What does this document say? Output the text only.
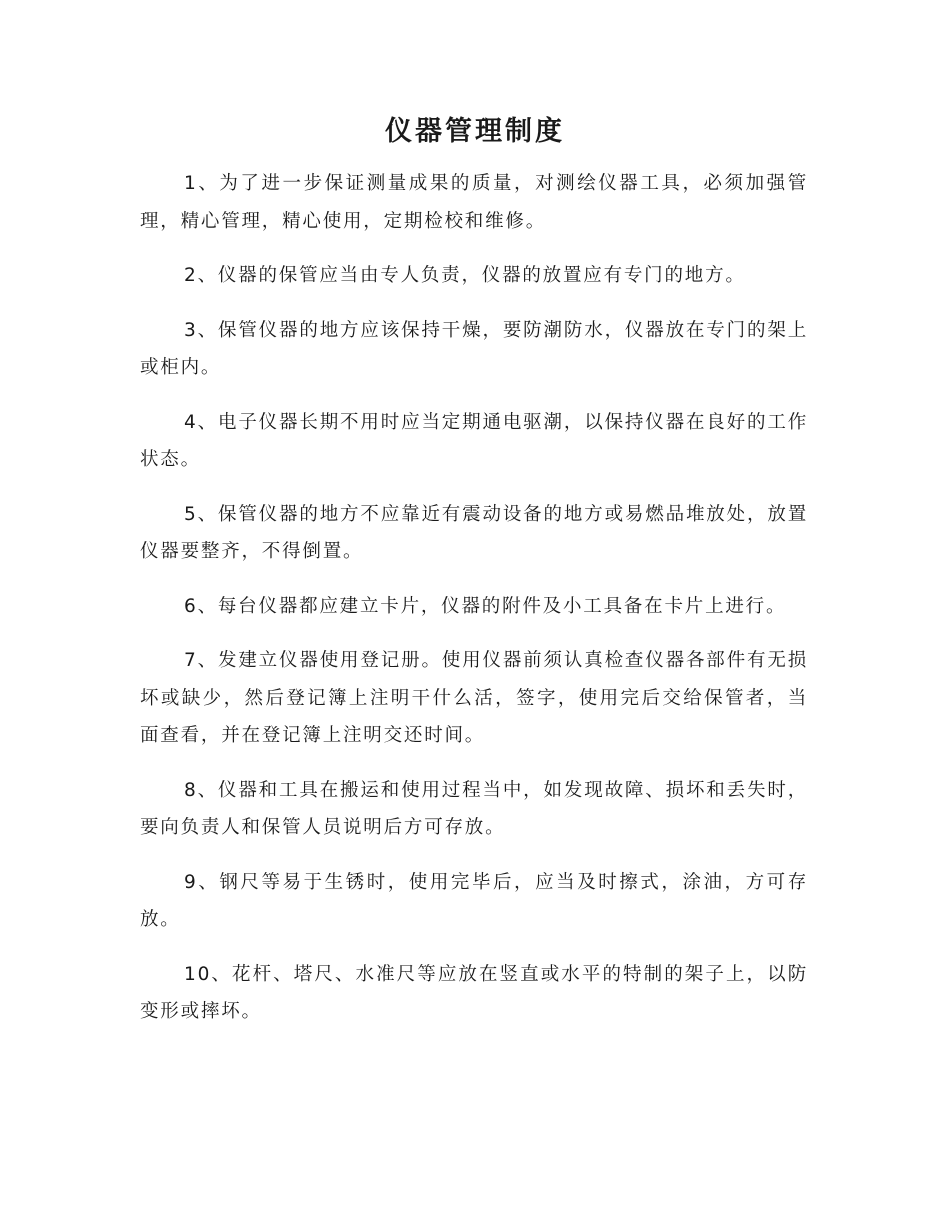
仪器管理制度

1、为了进一步保证测量成果的质量，对测绘仪器工具，必须加强管理，精心管理，精心使用，定期检校和维修。

2、仪器的保管应当由专人负责，仪器的放置应有专门的地方。

3、保管仪器的地方应该保持干燥，要防潮防水，仪器放在专门的架上或柜内。

4、电子仪器长期不用时应当定期通电驱潮，以保持仪器在良好的工作状态。

5、保管仪器的地方不应靠近有震动设备的地方或易燃品堆放处，放置仪器要整齐，不得倒置。

6、每台仪器都应建立卡片，仪器的附件及小工具备在卡片上进行。

7、发建立仪器使用登记册。使用仪器前须认真检查仪器各部件有无损坏或缺少，然后登记簿上注明干什么活，签字，使用完后交给保管者，当面查看，并在登记簿上注明交还时间。

8、仪器和工具在搬运和使用过程当中，如发现故障、损坏和丢失时，要向负责人和保管人员说明后方可存放。

9、钢尺等易于生锈时，使用完毕后，应当及时擦式，涂油，方可存放。

10、花杆、塔尺、水准尺等应放在竖直或水平的特制的架子上，以防变形或摔坏。
